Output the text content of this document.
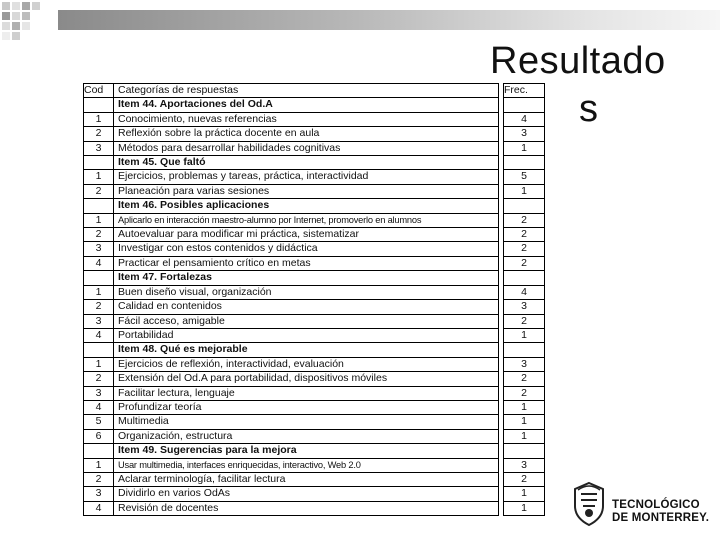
Resultado
s
Cod	Categorías de respuestas		Frec.
	Item 44. Aportaciones del Od.A		
1	Conocimiento, nuevas referencias		4
2	Reflexión sobre la práctica docente en aula		3
3	Métodos para desarrollar habilidades cognitivas		1
	Item 45. Que faltó		
1	Ejercicios, problemas y tareas, práctica, interactividad		5
2	Planeación para varias sesiones		1
	Item 46. Posibles aplicaciones		
1	Aplicarlo en interacción maestro-alumno por Internet, promoverlo en alumnos		2
2	Autoevaluar para modificar mi práctica, sistematizar		2
3	Investigar con estos contenidos y didáctica		2
4	Practicar el pensamiento crítico en metas		2
	Item 47. Fortalezas		
1	Buen diseño visual, organización		4
2	Calidad en contenidos		3
3	Fácil acceso, amigable		2
4	Portabilidad		1
	Item 48. Qué es mejorable		
1	Ejercicios de reflexión, interactividad, evaluación		3
2	Extensión del Od.A para portabilidad, dispositivos móviles		2
3	Facilitar lectura, lenguaje		2
4	Profundizar teoría		1
5	Multimedia		1
6	Organización, estructura		1
	Item 49. Sugerencias para la mejora		
1	Usar multimedia, interfaces enriquecidas, interactivo, Web 2.0		3
2	Aclarar terminología, facilitar lectura		2
3	Dividirlo en varios OdAs		1
4	Revisión de docentes		1	TECNOLÓGICO
DE MONTERREY.
